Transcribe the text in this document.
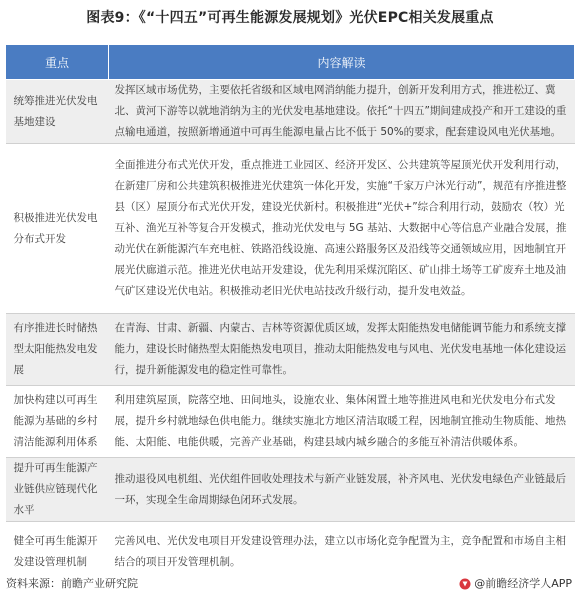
图表9：《“十四五”可再生能源发展规划》光伏EPC相关发展重点
重点	内容解读
统筹推进光伏发电基地建设	发挥区域市场优势，主要依托省级和区域电网消纳能力提升，创新开发利用方式，推进松辽、冀北、黄河下游等以就地消纳为主的光伏发电基地建设。依托“十四五”期间建成投产和开工建设的重点输电通道，按照新增通道中可再生能源电量占比不低于 50%的要求，配套建设风电光伏基地。
积极推进光伏发电分布式开发	全面推进分布式光伏开发，重点推进工业园区、经济开发区、公共建筑等屋顶光伏开发利用行动，在新建厂房和公共建筑积极推进光伏建筑一体化开发，实施“千家万户沐光行动”，规范有序推进整县（区）屋顶分布式光伏开发，建设光伏新村。积极推进“光伏+”综合利用行动，鼓励农（牧）光互补、渔光互补等复合开发模式，推动光伏发电与 5G 基站、大数据中心等信息产业融合发展，推动光伏在新能源汽车充电桩、铁路沿线设施、高速公路服务区及沿线等交通领域应用，因地制宜开展光伏廊道示范。推进光伏电站开发建设，优先利用采煤沉陷区、矿山排土场等工矿废弃土地及油气矿区建设光伏电站。积极推动老旧光伏电站技改升级行动，提升发电效益。
有序推进长时储热型太阳能热发电发展	在青海、甘肃、新疆、内蒙古、吉林等资源优质区域，发挥太阳能热发电储能调节能力和系统支撑能力，建设长时储热型太阳能热发电项目，推动太阳能热发电与风电、光伏发电基地一体化建设运行，提升新能源发电的稳定性可靠性。
加快构建以可再生能源为基础的乡村清洁能源利用体系	利用建筑屋顶，院落空地、田间地头，设施农业、集体闲置土地等推进风电和光伏发电分布式发展，提升乡村就地绿色供电能力。继续实施北方地区清洁取暖工程，因地制宜推动生物质能、地热能、太阳能、电能供暖，完善产业基础，构建县域内城乡融合的多能互补清洁供暖体系。
提升可再生能源产业链供应链现代化水平	推动退役风电机组、光伏组件回收处理技术与新产业链发展，补齐风电、光伏发电绿色产业链最后一环，实现全生命周期绿色闭环式发展。
健全可再生能源开发建设管理机制	完善风电、光伏发电项目开发建设管理办法，建立以市场化竞争配置为主，竞争配置和市场自主相结合的项目开发管理机制。
资料来源：前瞻产业研究院	@前瞻经济学人APP
